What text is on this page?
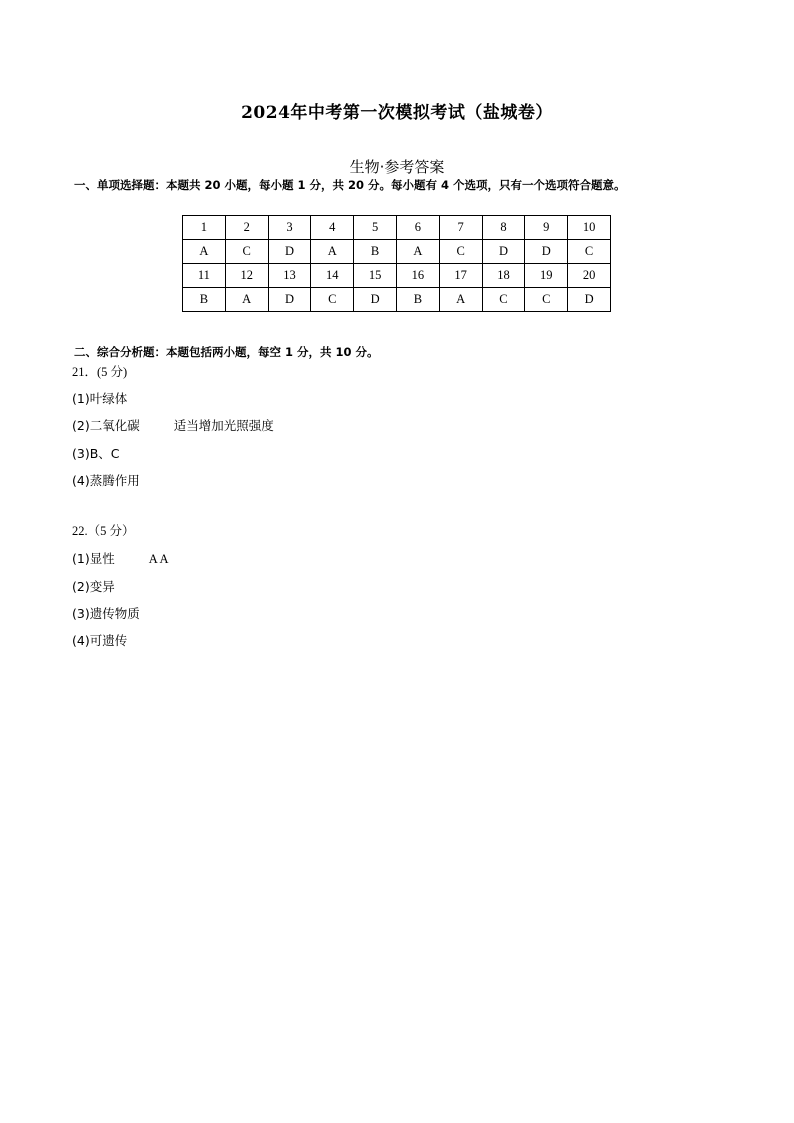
2024年中考第一次模拟考试（盐城卷）
生物·参考答案
一、单项选择题：本题共 20 小题，每小题 1 分，共 20 分。每小题有 4 个选项，只有一个选项符合题意。
1	2	3	4	5	6	7	8	9	10
A	C	D	A	B	A	C	D	D	C
11	12	13	14	15	16	17	18	19	20
B	A	D	C	D	B	A	C	C	D
二、综合分析题：本题包括两小题，每空 1 分，共 10 分。
21．(5 分)
(1)叶绿体
(2)二氧化碳	适当增加光照强度
(3)B、C
(4)蒸腾作用
22.（5 分）
(1)显性	A A
(2)变异
(3)遗传物质
(4)可遗传
